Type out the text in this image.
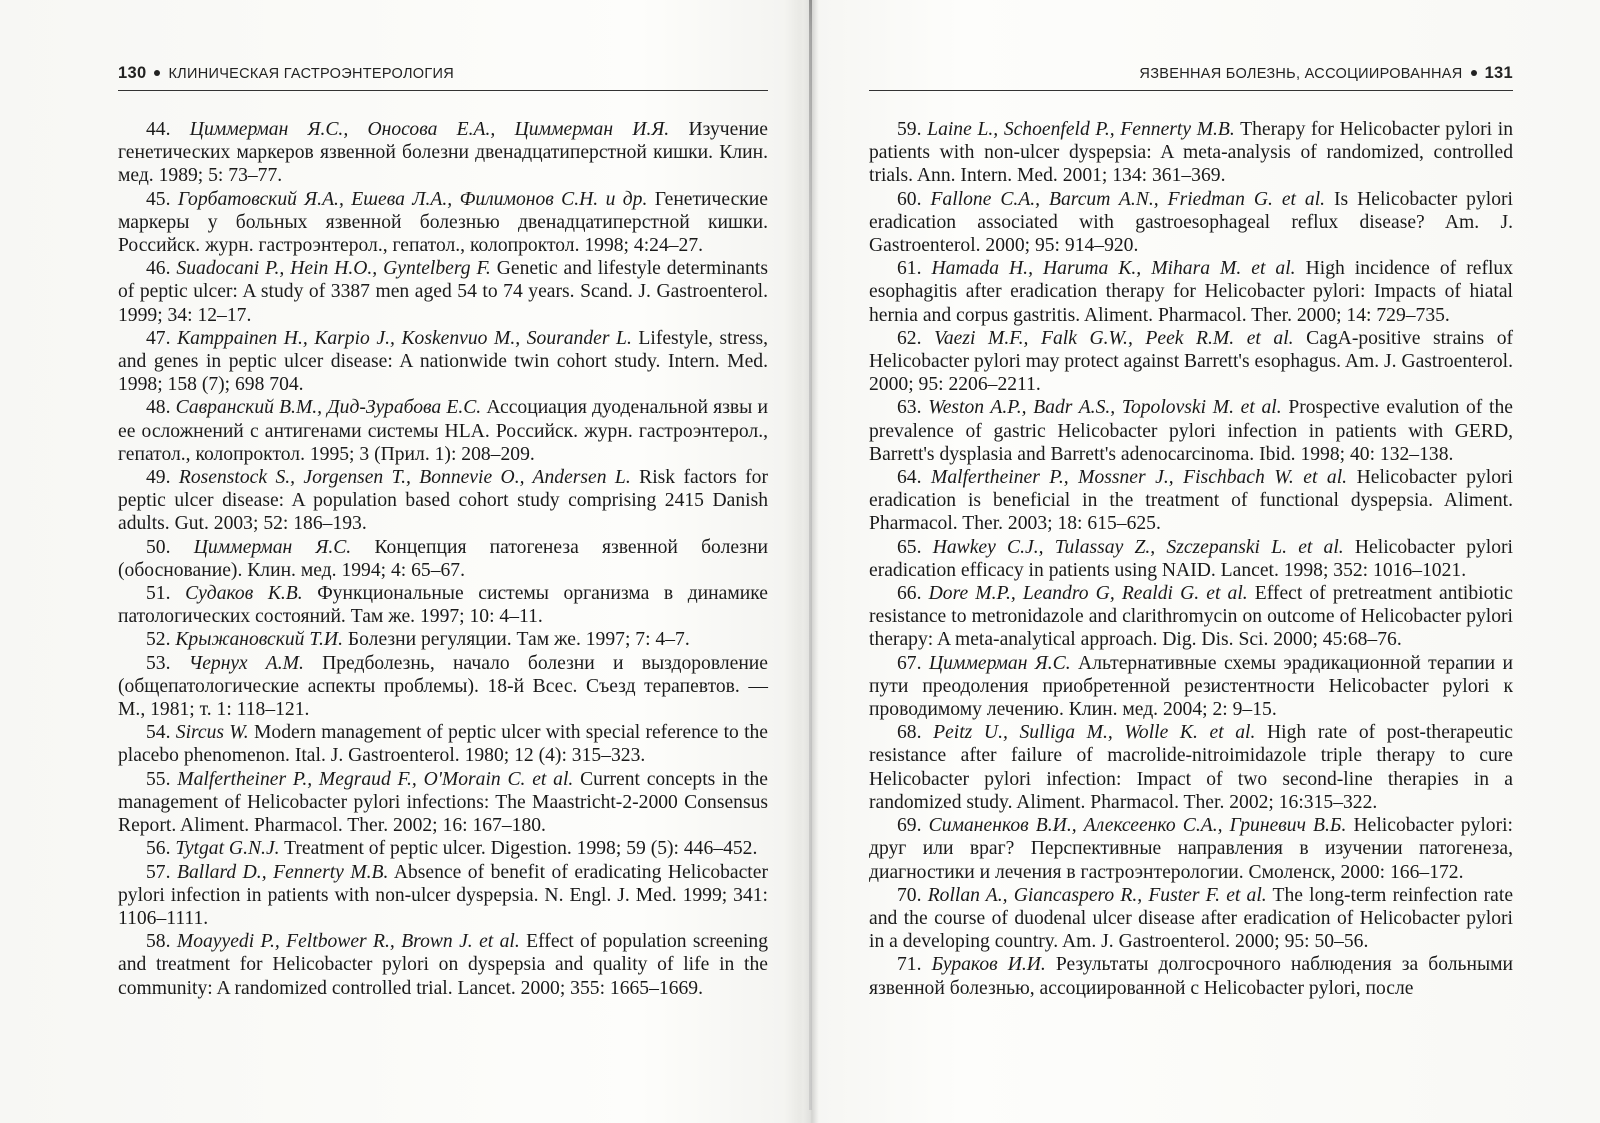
130 КЛИНИЧЕСКАЯ ГАСТРОЭНТЕРОЛОГИЯ

44. Циммерман Я.С., Оносова Е.А., Циммерман И.Я. Изучение генетических маркеров язвенной болезни двенадцатиперстной кишки. Клин. мед. 1989; 5: 73–77.

45. Горбатовский Я.А., Ешева Л.А., Филимонов С.Н. и др. Генетические маркеры у больных язвенной болезнью двенадцатиперстной кишки. Российск. журн. гастроэнтерол., гепатол., колопроктол. 1998; 4:24–27.

46. Suadocani P., Hein H.O., Gyntelberg F. Genetic and lifestyle determinants of peptic ulcer: A study of 3387 men aged 54 to 74 years. Scand. J. Gastroenterol. 1999; 34: 12–17.

47. Kamppainen H., Karpio J., Koskenvuo M., Sourander L. Lifestyle, stress, and genes in peptic ulcer disease: A nationwide twin cohort study. Intern. Med. 1998; 158 (7); 698 704.

48. Савранский В.М., Дид-Зурабова Е.С. Ассоциация дуоденальной язвы и ее осложнений с антигенами системы HLA. Российск. журн. гастроэнтерол., гепатол., колопроктол. 1995; 3 (Прил. 1): 208–209.

49. Rosenstock S., Jorgensen T., Bonnevie O., Andersen L. Risk factors for peptic ulcer disease: A population based cohort study comprising 2415 Danish adults. Gut. 2003; 52: 186–193.

50. Циммерман Я.С. Концепция патогенеза язвенной болезни (обоснование). Клин. мед. 1994; 4: 65–67.

51. Судаков К.В. Функциональные системы организма в динамике патологических состояний. Там же. 1997; 10: 4–11.

52. Крыжановский Т.И. Болезни регуляции. Там же. 1997; 7: 4–7.

53. Чернух А.М. Предболезнь, начало болезни и выздоровление (общепатологические аспекты проблемы). 18-й Всес. Съезд терапевтов. — М., 1981; т. 1: 118–121.

54. Sircus W. Modern management of peptic ulcer with special reference to the placebo phenomenon. Ital. J. Gastroenterol. 1980; 12 (4): 315–323.

55. Malfertheiner P., Megraud F., O'Morain C. et al. Current concepts in the management of Helicobacter pylori infections: The Maastricht-2-2000 Consensus Report. Aliment. Pharmacol. Ther. 2002; 16: 167–180.

56. Tytgat G.N.J. Treatment of peptic ulcer. Digestion. 1998; 59 (5): 446–452.

57. Ballard D., Fennerty M.B. Absence of benefit of eradicating Helicobacter pylori infection in patients with non-ulcer dyspepsia. N. Engl. J. Med. 1999; 341: 1106–1111.

58. Moayyedi P., Feltbower R., Brown J. et al. Effect of population screening and treatment for Helicobacter pylori on dyspepsia and quality of life in the community: A randomized controlled trial. Lancet. 2000; 355: 1665–1669.

ЯЗВЕННАЯ БОЛЕЗНЬ, АССОЦИИРОВАННАЯ 131

59. Laine L., Schoenfeld P., Fennerty M.B. Therapy for Helicobacter pylori in patients with non-ulcer dyspepsia: A meta-analysis of randomized, controlled trials. Ann. Intern. Med. 2001; 134: 361–369.

60. Fallone C.A., Barcum A.N., Friedman G. et al. Is Helicobacter pylori eradication associated with gastroesophageal reflux disease? Am. J. Gastroenterol. 2000; 95: 914–920.

61. Hamada H., Haruma K., Mihara M. et al. High incidence of reflux esophagitis after eradication therapy for Helicobacter pylori: Impacts of hiatal hernia and corpus gastritis. Aliment. Pharmacol. Ther. 2000; 14: 729–735.

62. Vaezi M.F., Falk G.W., Peek R.M. et al. CagA-positive strains of Helicobacter pylori may protect against Barrett's esophagus. Am. J. Gastroenterol. 2000; 95: 2206–2211.

63. Weston A.P., Badr A.S., Topolovski M. et al. Prospective evalution of the prevalence of gastric Helicobacter pylori infection in patients with GERD, Barrett's dysplasia and Barrett's adenocarcinoma. Ibid. 1998; 40: 132–138.

64. Malfertheiner P., Mossner J., Fischbach W. et al. Helicobacter pylori eradication is beneficial in the treatment of functional dyspepsia. Aliment. Pharmacol. Ther. 2003; 18: 615–625.

65. Hawkey C.J., Tulassay Z., Szczepanski L. et al. Helicobacter pylori eradication efficacy in patients using NAID. Lancet. 1998; 352: 1016–1021.

66. Dore M.P., Leandro G, Realdi G. et al. Effect of pretreatment antibiotic resistance to metronidazole and clarithromycin on outcome of Helicobacter pylori therapy: A meta-analytical approach. Dig. Dis. Sci. 2000; 45:68–76.

67. Циммерман Я.С. Альтернативные схемы эрадикационной терапии и пути преодоления приобретенной резистентности Helicobacter pylori к проводимому лечению. Клин. мед. 2004; 2: 9–15.

68. Peitz U., Sulliga M., Wolle K. et al. High rate of post-therapeutic resistance after failure of macrolide-nitroimidazole triple therapy to cure Helicobacter pylori infection: Impact of two second-line therapies in a randomized study. Aliment. Pharmacol. Ther. 2002; 16:315–322.

69. Симаненков В.И., Алексеенко С.А., Гриневич В.Б. Helicobacter pylori: друг или враг? Перспективные направления в изучении патогенеза, диагностики и лечения в гастроэнтерологии. Смоленск, 2000: 166–172.

70. Rollan A., Giancaspero R., Fuster F. et al. The long-term reinfection rate and the course of duodenal ulcer disease after eradication of Helicobacter pylori in a developing country. Am. J. Gastroenterol. 2000; 95: 50–56.

71. Бураков И.И. Результаты долгосрочного наблюдения за больными язвенной болезнью, ассоциированной с Helicobacter pylori, после
